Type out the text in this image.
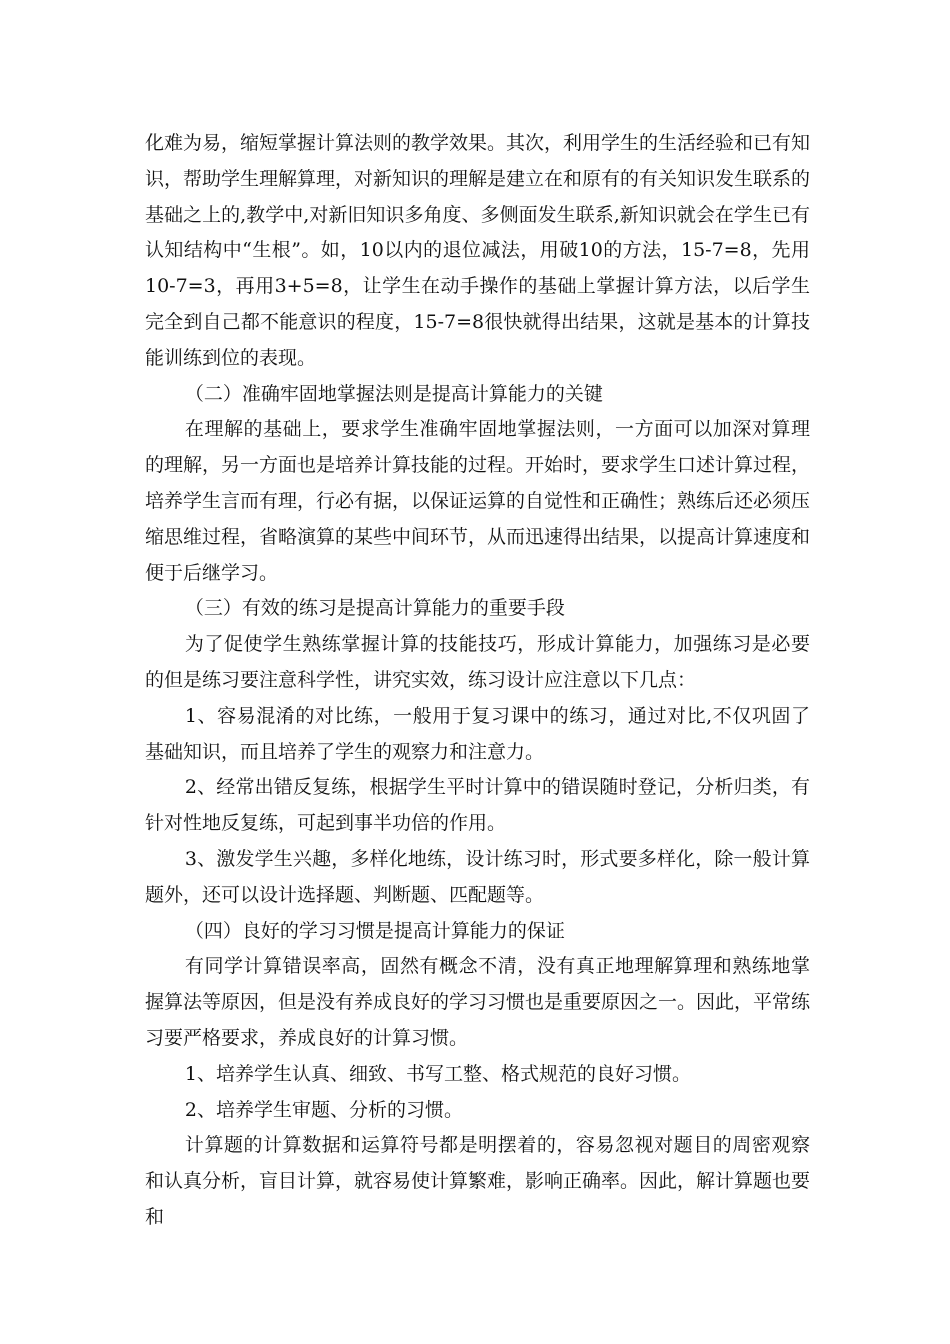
化难为易，缩短掌握计算法则的教学效果。其次，利用学生的生活经验和已有知识，帮助学生理解算理，对新知识的理解是建立在和原有的有关知识发生联系的基础之上的,教学中,对新旧知识多角度、多侧面发生联系,新知识就会在学生已有认知结构中“生根”。如，10以内的退位减法，用破10的方法，15-7=8，先用10-7=3，再用3+5=8，让学生在动手操作的基础上掌握计算方法，以后学生完全到自己都不能意识的程度，15-7=8很快就得出结果，这就是基本的计算技能训练到位的表现。

（二）准确牢固地掌握法则是提高计算能力的关键

在理解的基础上，要求学生准确牢固地掌握法则，一方面可以加深对算理的理解，另一方面也是培养计算技能的过程。开始时，要求学生口述计算过程，培养学生言而有理，行必有据，以保证运算的自觉性和正确性；熟练后还必须压缩思维过程，省略演算的某些中间环节，从而迅速得出结果，以提高计算速度和便于后继学习。

（三）有效的练习是提高计算能力的重要手段

为了促使学生熟练掌握计算的技能技巧，形成计算能力，加强练习是必要的但是练习要注意科学性，讲究实效，练习设计应注意以下几点：

1、容易混淆的对比练，一般用于复习课中的练习，通过对比,不仅巩固了基础知识，而且培养了学生的观察力和注意力。

2、经常出错反复练，根据学生平时计算中的错误随时登记，分析归类，有针对性地反复练，可起到事半功倍的作用。

3、激发学生兴趣，多样化地练，设计练习时，形式要多样化，除一般计算题外，还可以设计选择题、判断题、匹配题等。

（四）良好的学习习惯是提高计算能力的保证

有同学计算错误率高，固然有概念不清，没有真正地理解算理和熟练地掌握算法等原因，但是没有养成良好的学习习惯也是重要原因之一。因此，平常练习要严格要求，养成良好的计算习惯。

1、培养学生认真、细致、书写工整、格式规范的良好习惯。

2、培养学生审题、分析的习惯。

计算题的计算数据和运算符号都是明摆着的，容易忽视对题目的周密观察和认真分析，盲目计算，就容易使计算繁难，影响正确率。因此，解计算题也要和
